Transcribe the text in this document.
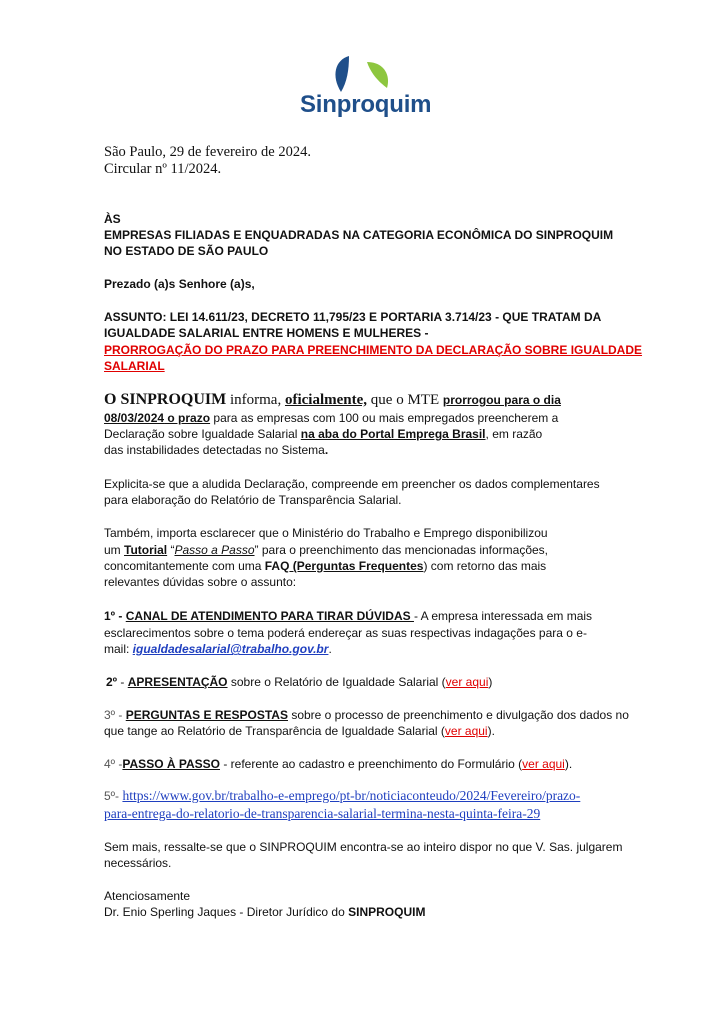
Sinproquim
São Paulo, 29 de fevereiro de 2024.
Circular nº 11/2024.
ÀS
EMPRESAS FILIADAS E ENQUADRADAS NA CATEGORIA ECONÔMICA DO SINPROQUIM
NO ESTADO DE SÃO PAULO
Prezado (a)s Senhore (a)s,
ASSUNTO: LEI 14.611/23, DECRETO 11,795/23 E PORTARIA 3.714/23 - QUE TRATAM DA
IGUALDADE SALARIAL ENTRE HOMENS E MULHERES -
PRORROGAÇÃO DO PRAZO PARA PREENCHIMENTO DA DECLARAÇÃO SOBRE IGUALDADE
SALARIAL
O SINPROQUIM informa, oficialmente, que o MTE prorrogou para o dia
08/03/2024 o prazo para as empresas com 100 ou mais empregados preencherem a
Declaração sobre Igualdade Salarial na aba do Portal Emprega Brasil, em razão
das instabilidades detectadas no Sistema.
Explicita-se que a aludida Declaração, compreende em preencher os dados complementares
para elaboração do Relatório de Transparência Salarial.
Também, importa esclarecer que o Ministério do Trabalho e Emprego disponibilizou
um Tutorial “Passo a Passo” para o preenchimento das mencionadas informações,
concomitantemente com uma FAQ (Perguntas Frequentes) com retorno das mais
relevantes dúvidas sobre o assunto:
1º - CANAL DE ATENDIMENTO PARA TIRAR DÚVIDAS - A empresa interessada em mais
esclarecimentos sobre o tema poderá endereçar as suas respectivas indagações para o e-
mail: igualdadesalarial@trabalho.gov.br.
2º - APRESENTAÇÃO sobre o Relatório de Igualdade Salarial (ver aqui)
3º - PERGUNTAS E RESPOSTAS sobre o processo de preenchimento e divulgação dos dados no
que tange ao Relatório de Transparência de Igualdade Salarial (ver aqui).
4º -PASSO À PASSO - referente ao cadastro e preenchimento do Formulário (ver aqui).
5º- https://www.gov.br/trabalho-e-emprego/pt-br/noticiaconteudo/2024/Fevereiro/prazo-
para-entrega-do-relatorio-de-transparencia-salarial-termina-nesta-quinta-feira-29
Sem mais, ressalte-se que o SINPROQUIM encontra-se ao inteiro dispor no que V. Sas. julgarem
necessários.
Atenciosamente
Dr. Enio Sperling Jaques - Diretor Jurídico do SINPROQUIM
